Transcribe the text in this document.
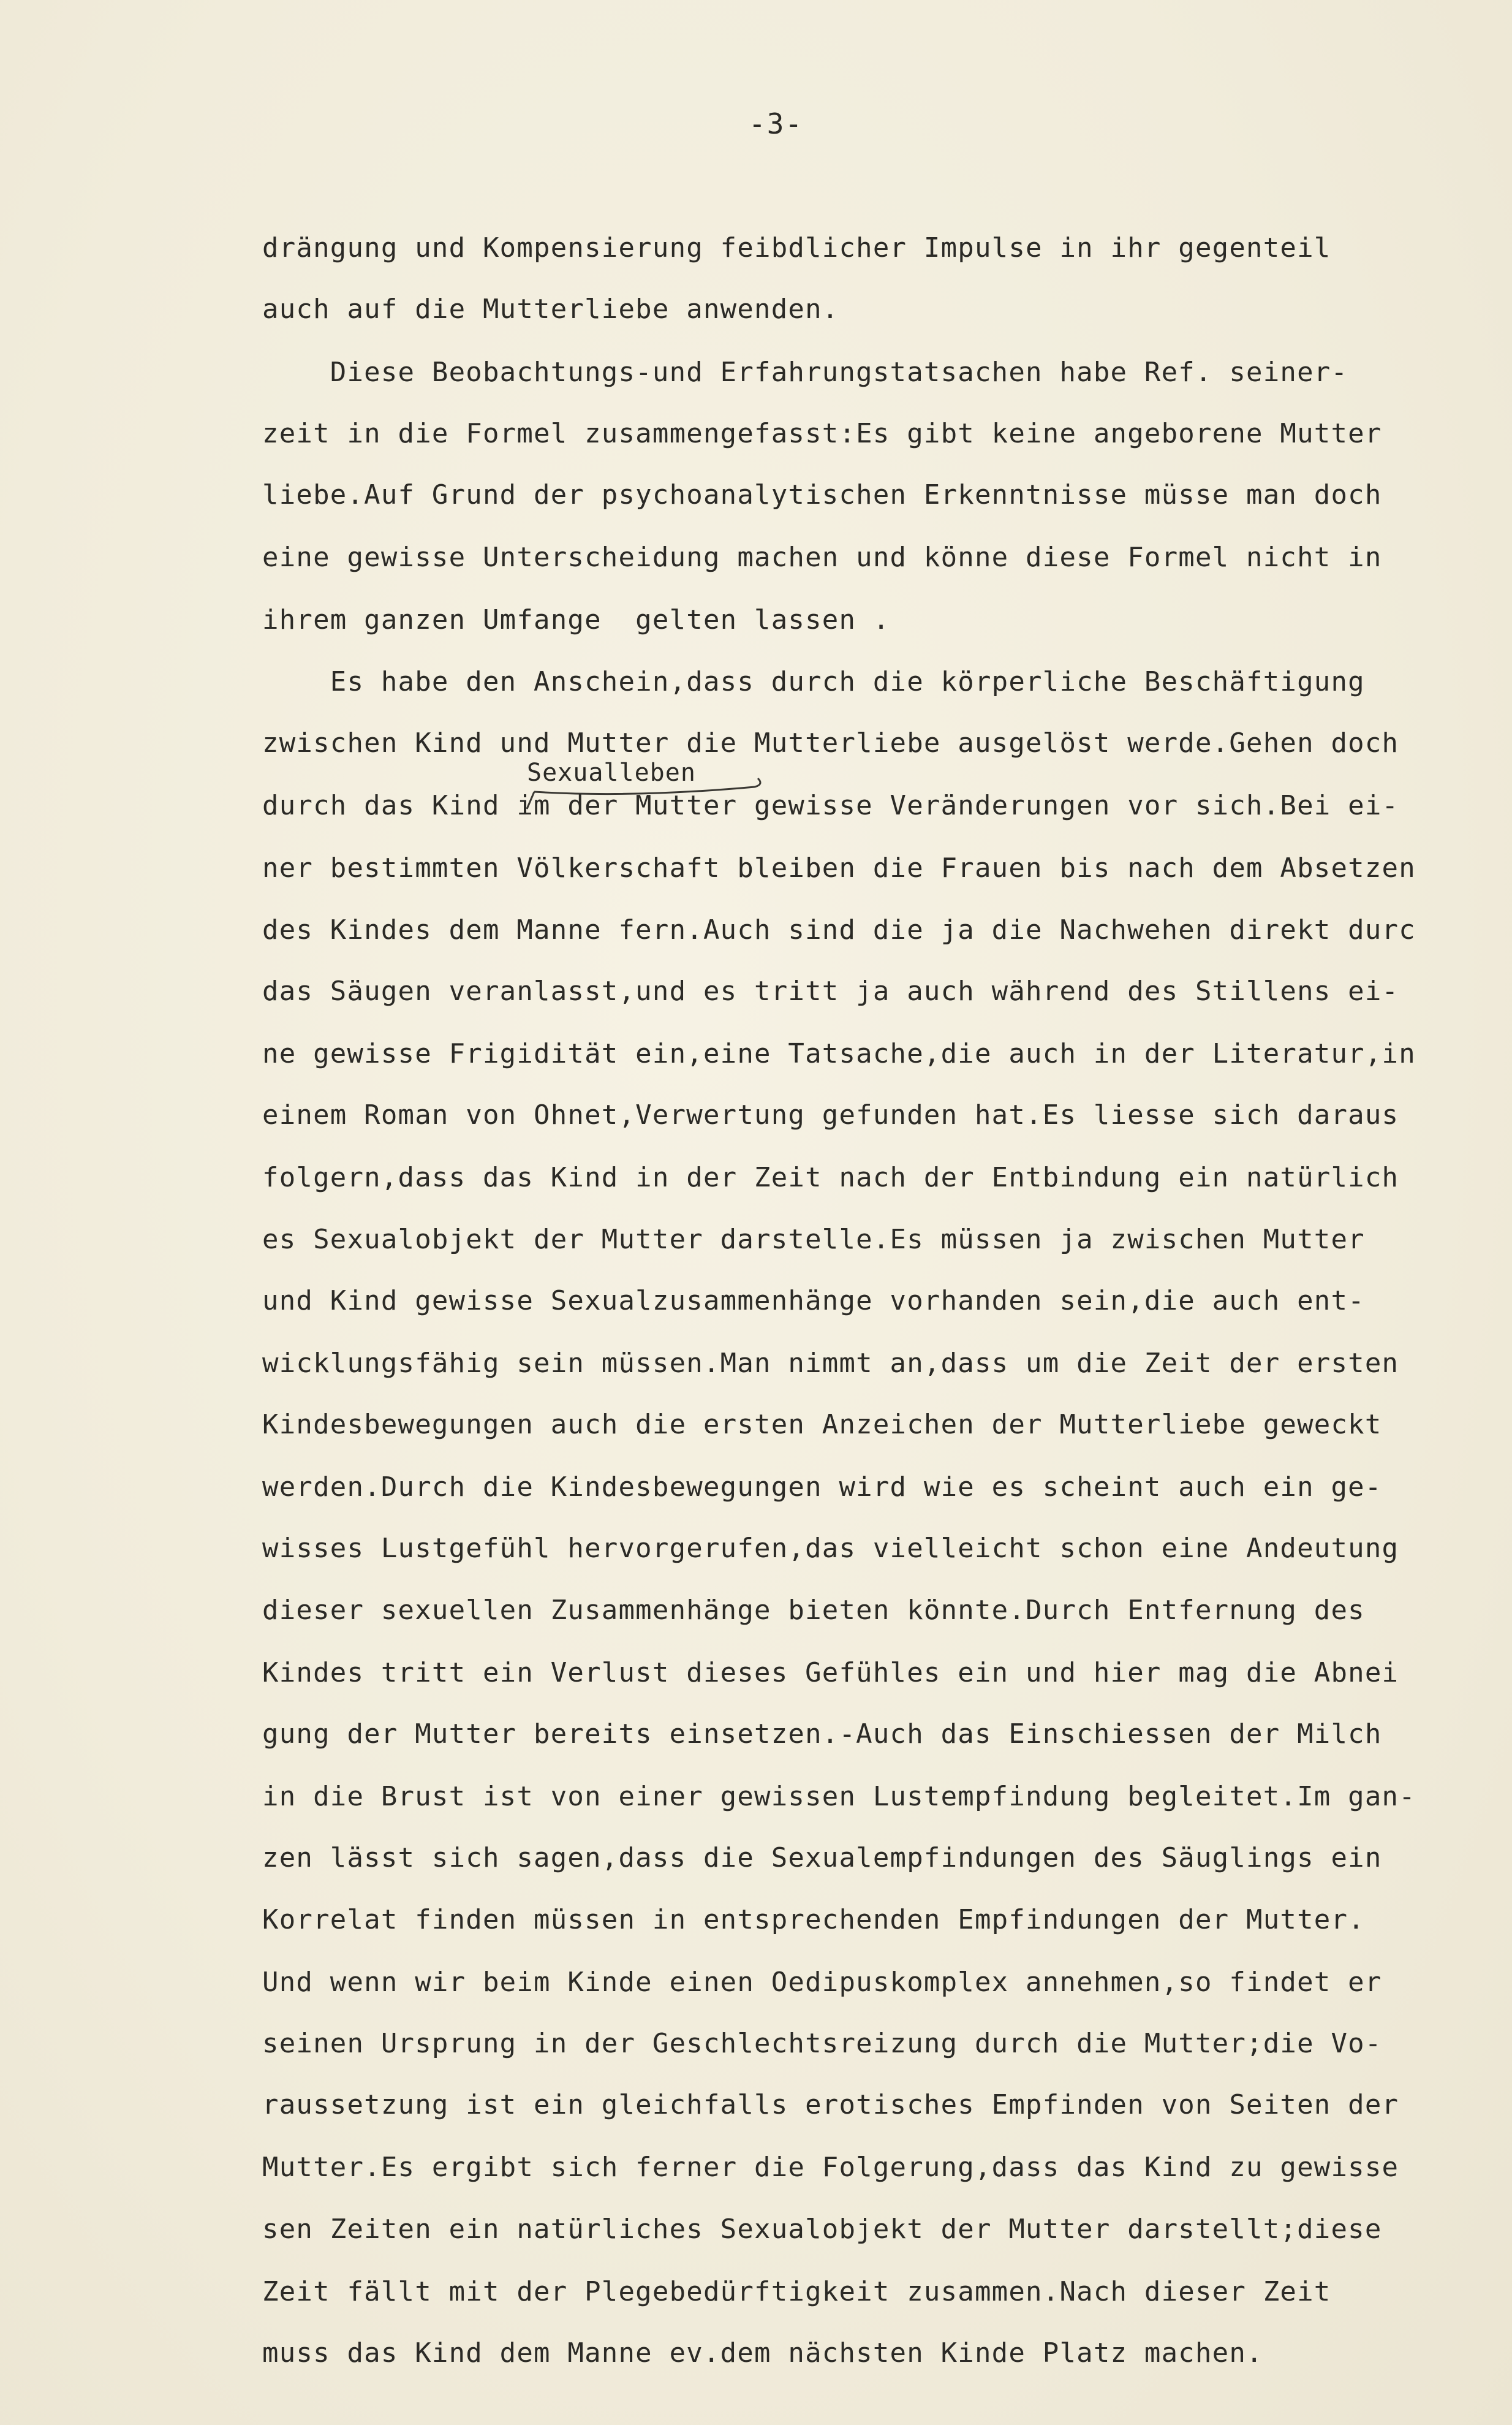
-3-
Sexualleben
drängung und Kompensierung feibdlicher Impulse in ihr gegenteil
auch auf die Mutterliebe anwenden.
Diese Beobachtungs-und Erfahrungstatsachen habe Ref. seiner-
zeit in die Formel zusammengefasst:Es gibt keine angeborene Mutter
liebe.Auf Grund der psychoanalytischen Erkenntnisse müsse man doch
eine gewisse Unterscheidung machen und könne diese Formel nicht in
ihrem ganzen Umfange  gelten lassen .
Es habe den Anschein,dass durch die körperliche Beschäftigung
zwischen Kind und Mutter die Mutterliebe ausgelöst werde.Gehen doch
durch das Kind im der Mutter gewisse Veränderungen vor sich.Bei ei-
ner bestimmten Völkerschaft bleiben die Frauen bis nach dem Absetzen
des Kindes dem Manne fern.Auch sind die ja die Nachwehen direkt durc
das Säugen veranlasst,und es tritt ja auch während des Stillens ei-
ne gewisse Frigidität ein,eine Tatsache,die auch in der Literatur,in
einem Roman von Ohnet,Verwertung gefunden hat.Es liesse sich daraus
folgern,dass das Kind in der Zeit nach der Entbindung ein natürlich
es Sexualobjekt der Mutter darstelle.Es müssen ja zwischen Mutter
und Kind gewisse Sexualzusammenhänge vorhanden sein,die auch ent-
wicklungsfähig sein müssen.Man nimmt an,dass um die Zeit der ersten
Kindesbewegungen auch die ersten Anzeichen der Mutterliebe geweckt
werden.Durch die Kindesbewegungen wird wie es scheint auch ein ge-
wisses Lustgefühl hervorgerufen,das vielleicht schon eine Andeutung
dieser sexuellen Zusammenhänge bieten könnte.Durch Entfernung des
Kindes tritt ein Verlust dieses Gefühles ein und hier mag die Abnei
gung der Mutter bereits einsetzen.-Auch das Einschiessen der Milch
in die Brust ist von einer gewissen Lustempfindung begleitet.Im gan-
zen lässt sich sagen,dass die Sexualempfindungen des Säuglings ein
Korrelat finden müssen in entsprechenden Empfindungen der Mutter.
Und wenn wir beim Kinde einen Oedipuskomplex annehmen,so findet er
seinen Ursprung in der Geschlechtsreizung durch die Mutter;die Vo-
raussetzung ist ein gleichfalls erotisches Empfinden von Seiten der
Mutter.Es ergibt sich ferner die Folgerung,dass das Kind zu gewisse
sen Zeiten ein natürliches Sexualobjekt der Mutter darstellt;diese
Zeit fällt mit der Plegebedürftigkeit zusammen.Nach dieser Zeit
muss das Kind dem Manne ev.dem nächsten Kinde Platz machen.
